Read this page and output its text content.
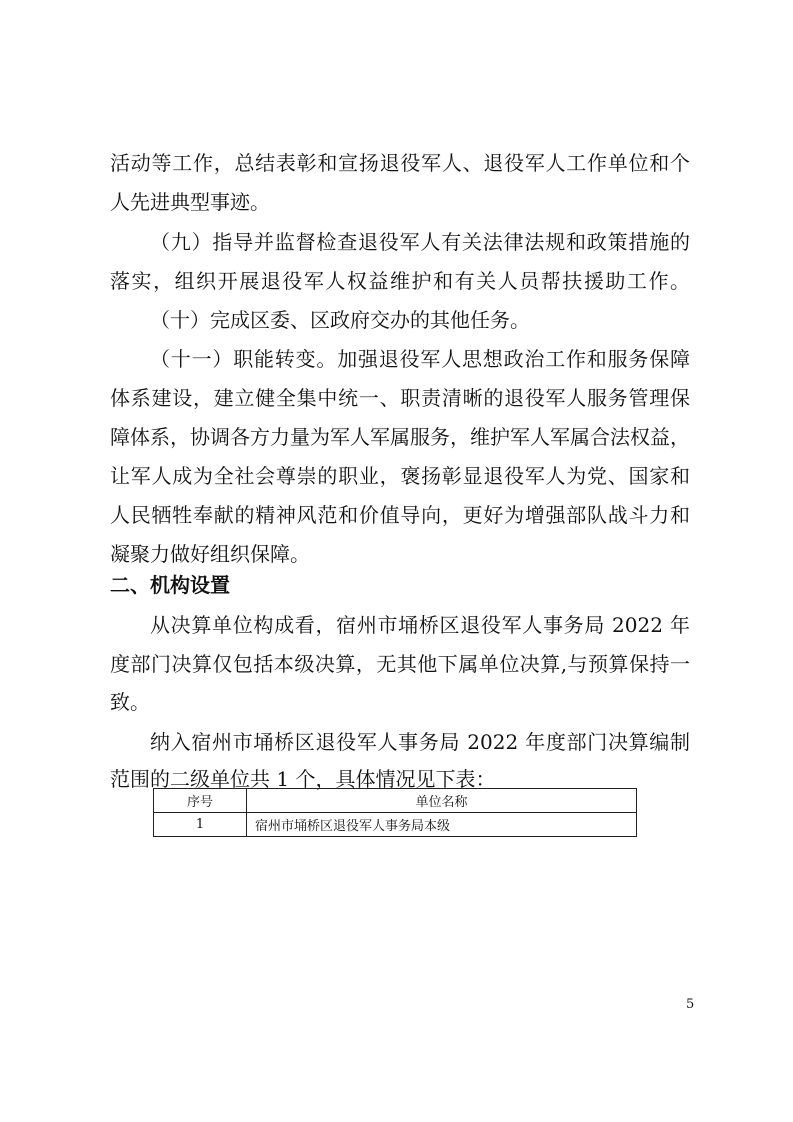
活动等工作，总结表彰和宣扬退役军人、退役军人工作单位和个
人先进典型事迹。
（九）指导并监督检查退役军人有关法律法规和政策措施的
落实，组织开展退役军人权益维护和有关人员帮扶援助工作。
（十）完成区委、区政府交办的其他任务。
（十一）职能转变。加强退役军人思想政治工作和服务保障
体系建设，建立健全集中统一、职责清晰的退役军人服务管理保
障体系，协调各方力量为军人军属服务，维护军人军属合法权益，
让军人成为全社会尊崇的职业，褒扬彰显退役军人为党、国家和
人民牺牲奉献的精神风范和价值导向，更好为增强部队战斗力和
凝聚力做好组织保障。
二、机构设置
从决算单位构成看，宿州市埇桥区退役军人事务局 2022 年
度部门决算仅包括本级决算，无其他下属单位决算,与预算保持一
致。
纳入宿州市埇桥区退役军人事务局 2022 年度部门决算编制
范围的二级单位共 1 个，具体情况见下表：
序号	单位名称
1	宿州市埇桥区退役军人事务局本级
5
